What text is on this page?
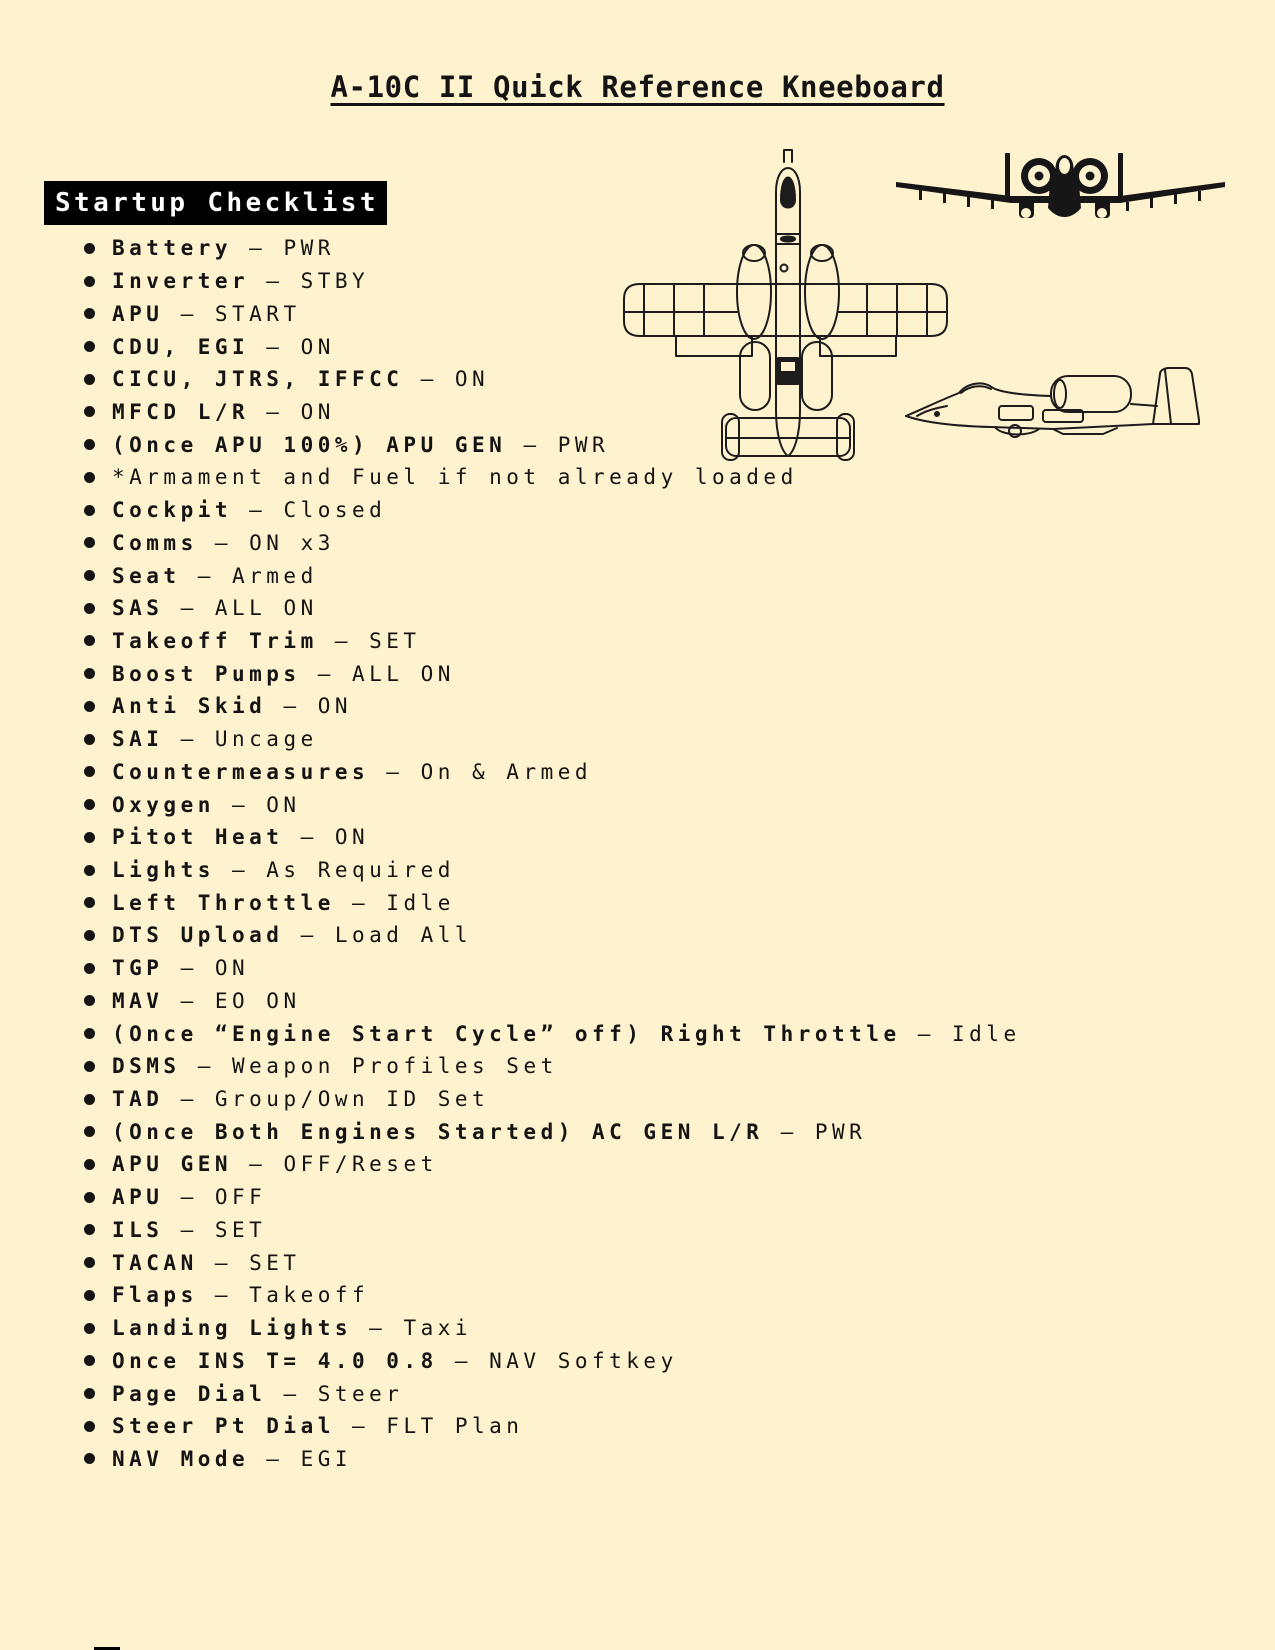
A-10C II Quick Reference Kneeboard
Startup Checklist
Battery – PWR
Inverter – STBY
APU – START
CDU, EGI – ON
CICU, JTRS, IFFCC – ON
MFCD L/R – ON
(Once APU 100%) APU GEN – PWR
*Armament and Fuel if not already loaded
Cockpit – Closed
Comms – ON x3
Seat – Armed
SAS – ALL ON
Takeoff Trim – SET
Boost Pumps – ALL ON
Anti Skid – ON
SAI – Uncage
Countermeasures – On & Armed
Oxygen – ON
Pitot Heat – ON
Lights – As Required
Left Throttle – Idle
DTS Upload – Load All
TGP – ON
MAV – EO ON
(Once “Engine Start Cycle” off) Right Throttle – Idle
DSMS – Weapon Profiles Set
TAD – Group/Own ID Set
(Once Both Engines Started) AC GEN L/R – PWR
APU GEN – OFF/Reset
APU – OFF
ILS – SET
TACAN – SET
Flaps – Takeoff
Landing Lights – Taxi
Once INS T= 4.0 0.8 – NAV Softkey
Page Dial – Steer
Steer Pt Dial – FLT Plan
NAV Mode – EGI
